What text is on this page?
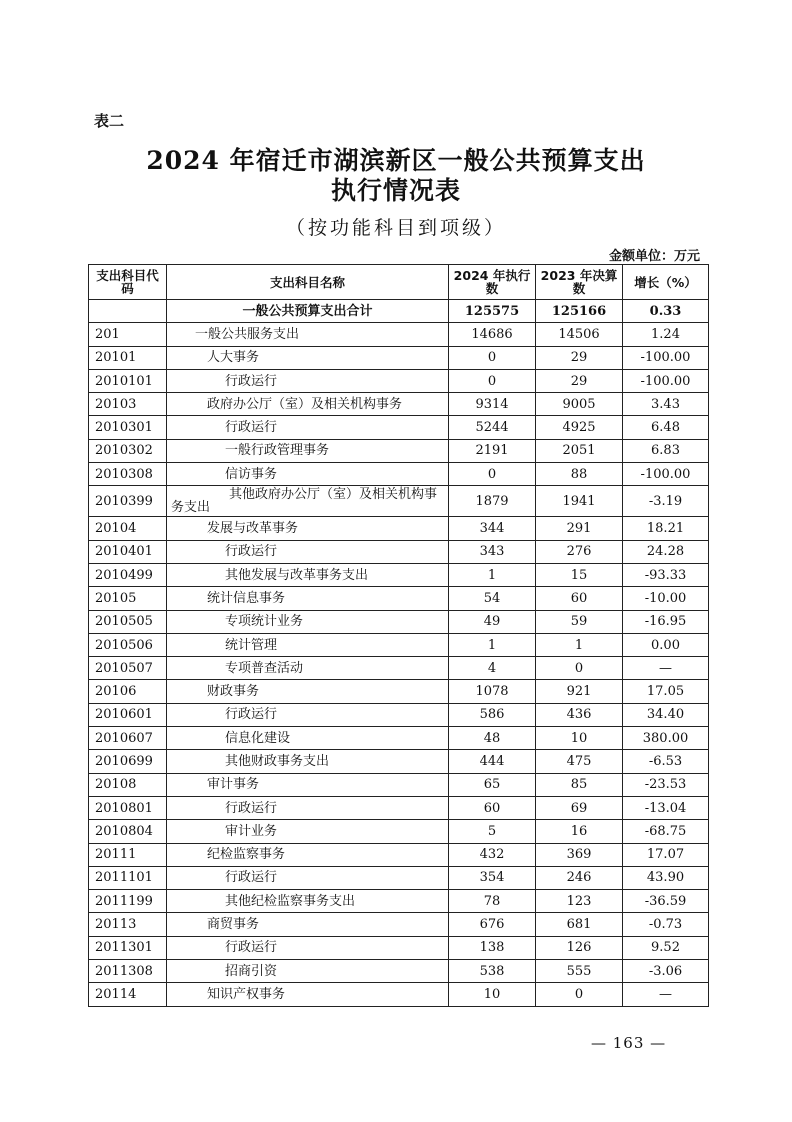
表二
2024 年宿迁市湖滨新区一般公共预算支出
执行情况表
（按功能科目到项级）
金额单位：万元
支出科目代码	支出科目名称	2024 年执行数	2023 年决算数	增长（%）
	一般公共预算支出合计	125575	125166	0.33
201	一般公共服务支出	14686	14506	1.24
20101	人大事务	0	29	-100.00
2010101	行政运行	0	29	-100.00
20103	政府办公厅（室）及相关机构事务	9314	9005	3.43
2010301	行政运行	5244	4925	6.48
2010302	一般行政管理事务	2191	2051	6.83
2010308	信访事务	0	88	-100.00
2010399	其他政府办公厅（室）及相关机构事务支出	1879	1941	-3.19
20104	发展与改革事务	344	291	18.21
2010401	行政运行	343	276	24.28
2010499	其他发展与改革事务支出	1	15	-93.33
20105	统计信息事务	54	60	-10.00
2010505	专项统计业务	49	59	-16.95
2010506	统计管理	1	1	0.00
2010507	专项普查活动	4	0	—
20106	财政事务	1078	921	17.05
2010601	行政运行	586	436	34.40
2010607	信息化建设	48	10	380.00
2010699	其他财政事务支出	444	475	-6.53
20108	审计事务	65	85	-23.53
2010801	行政运行	60	69	-13.04
2010804	审计业务	5	16	-68.75
20111	纪检监察事务	432	369	17.07
2011101	行政运行	354	246	43.90
2011199	其他纪检监察事务支出	78	123	-36.59
20113	商贸事务	676	681	-0.73
2011301	行政运行	138	126	9.52
2011308	招商引资	538	555	-3.06
20114	知识产权事务	10	0	—
— 163 —
